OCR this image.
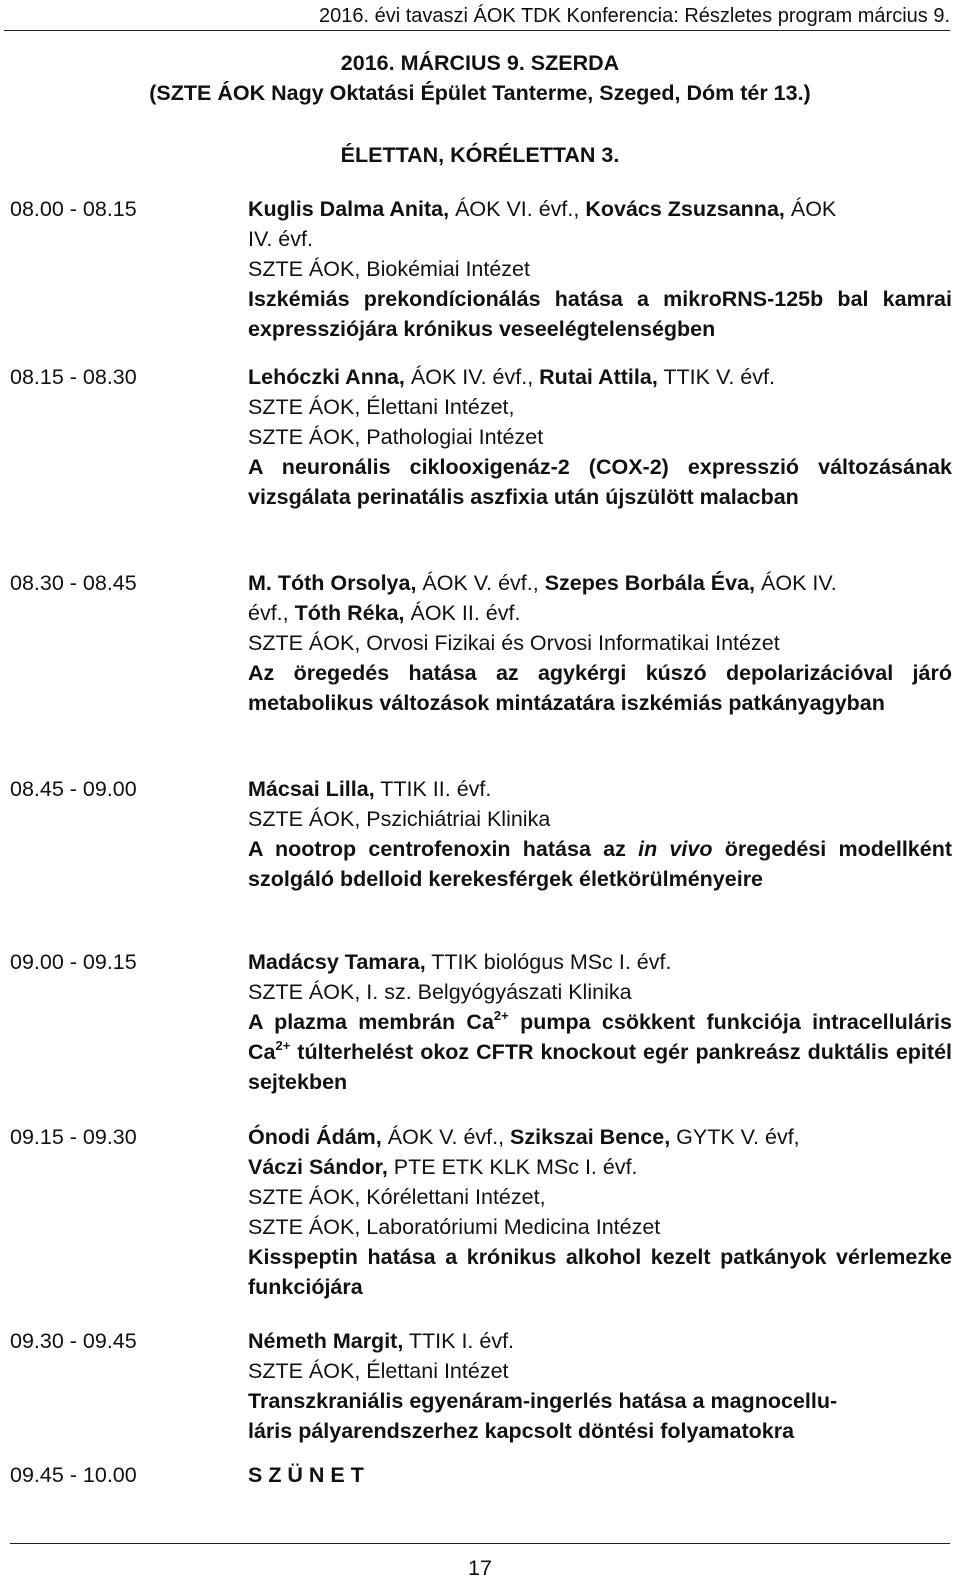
2016. évi tavaszi ÁOK TDK Konferencia: Részletes program március 9.
2016. MÁRCIUS 9. SZERDA
(SZTE ÁOK Nagy Oktatási Épület Tanterme, Szeged, Dóm tér 13.)
ÉLETTAN, KÓRÉLETTAN 3.
08.00 - 08.15	Kuglis Dalma Anita, ÁOK VI. évf., Kovács Zsuzsanna, ÁOK
IV. évf.
SZTE ÁOK, Biokémiai Intézet
Iszkémiás prekondícionálás hatása a mikroRNS-125b bal kamrai expressziójára krónikus veseelégtelenségben
08.15 - 08.30	Lehóczki Anna, ÁOK IV. évf., Rutai Attila, TTIK V. évf.
SZTE ÁOK, Élettani Intézet,
SZTE ÁOK, Pathologiai Intézet
A neuronális ciklooxigenáz-2 (COX-2) expresszió változásának vizsgálata perinatális aszfixia után újszülött malacban
08.30 - 08.45	M. Tóth Orsolya, ÁOK V. évf., Szepes Borbála Éva, ÁOK IV.
évf., Tóth Réka, ÁOK II. évf.
SZTE ÁOK, Orvosi Fizikai és Orvosi Informatikai Intézet
Az öregedés hatása az agykérgi kúszó depolarizációval járó metabolikus változások mintázatára iszkémiás patkányagyban
08.45 - 09.00	Mácsai Lilla, TTIK II. évf.
SZTE ÁOK, Pszichiátriai Klinika
A nootrop centrofenoxin hatása az in vivo öregedési modellként szolgáló bdelloid kerekesférgek életkörülményeire
09.00 - 09.15	Madácsy Tamara, TTIK biológus MSc I. évf.
SZTE ÁOK, I. sz. Belgyógyászati Klinika
A plazma membrán $Ca^{2+}$ pumpa csökkent funkciója intracelluláris $Ca^{2+}$ túlterhelést okoz CFTR knockout egér pankreász duktális epitél sejtekben
09.15 - 09.30	Ónodi Ádám, ÁOK V. évf., Szikszai Bence, GYTK V. évf,
Váczi Sándor, PTE ETK KLK MSc I. évf.
SZTE ÁOK, Kórélettani Intézet,
SZTE ÁOK, Laboratóriumi Medicina Intézet
Kisspeptin hatása a krónikus alkohol kezelt patkányok vérlemezke funkciójára
09.30 - 09.45	Németh Margit, TTIK I. évf.
SZTE ÁOK, Élettani Intézet
Transzkraniális egyenáram-ingerlés hatása a magnocellu-
láris pályarendszerhez kapcsolt döntési folyamatokra
09.45 - 10.00	S Z Ü N E T
17
